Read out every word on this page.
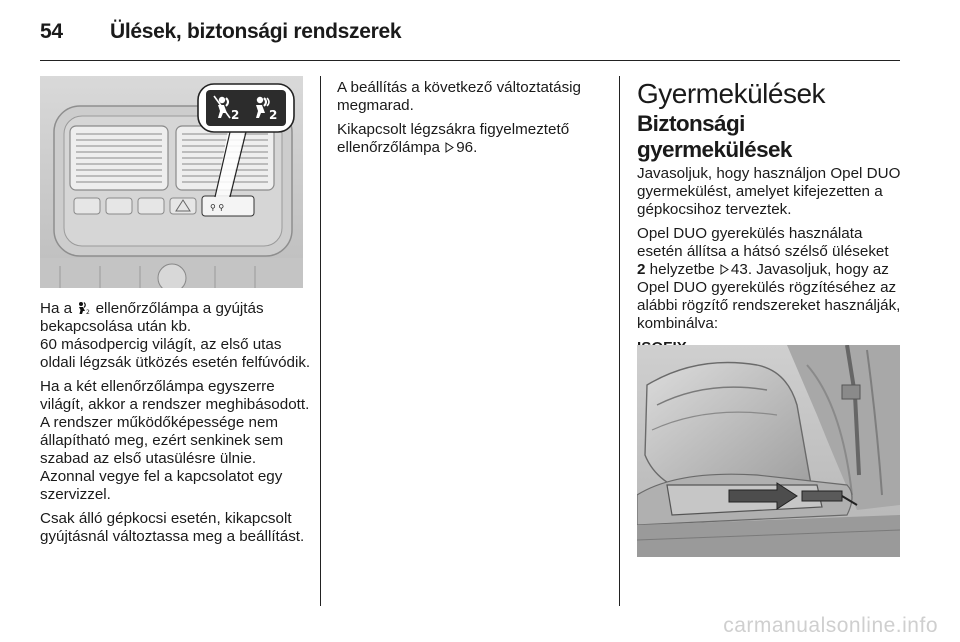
54 Ülések, biztonsági rendszerek
⚲ ⚲
2 2

Ha a 2 ellenőrzőlámpa a gyújtás bekapcsolása után kb.
60 másodpercig világít, az első utas oldali légzsák ütközés esetén felfúvódik.

Ha a két ellenőrzőlámpa egyszerre világít, akkor a rendszer meghibásodott. A rendszer működőképessége nem állapítható meg, ezért senkinek sem szabad az első utasülésre ülnie. Azonnal vegye fel a kapcsolatot egy szervizzel.

Csak álló gépkocsi esetén, kikapcsolt gyújtásnál változtassa meg a beállítást.

A beállítás a következő változtatásig megmarad.

Kikapcsolt légzsákra figyelmeztető ellenőrzőlámpa 96.

Gyermekülések
Biztonsági gyermekülések

Javasoljuk, hogy használjon Opel DUO gyermekülést, amelyet kifejezetten a gépkocsihoz terveztek.

Opel DUO gyerekülés használata esetén állítsa a hátsó szélső üléseket
2 helyzetbe 43. Javasoljuk, hogy az Opel DUO gyerekülés rögzítéséhez az alábbi rögzítő rendszereket használják, kombinálva:

carmanualsonline.info
